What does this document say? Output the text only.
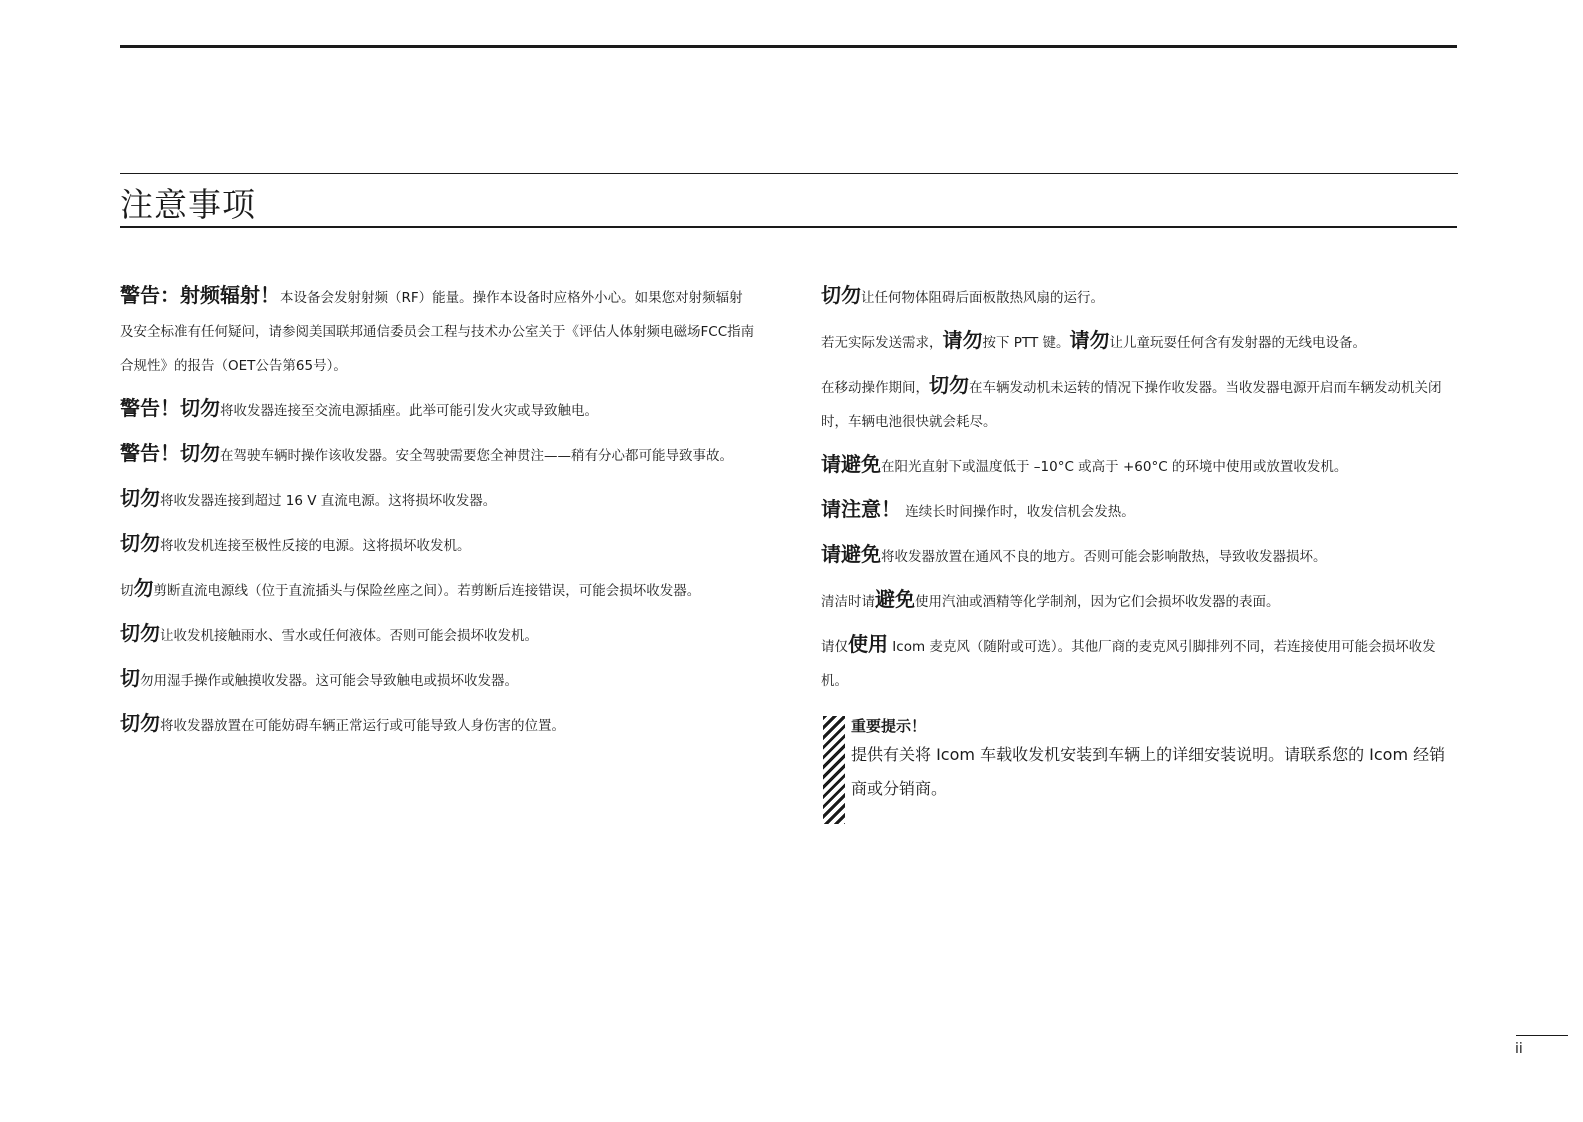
注意事项

警告：射频辐射！本设备会发射射频（RF）能量。操作本设备时应格外小心。如果您对射频辐射及安全标准有任何疑问，请参阅美国联邦通信委员会工程与技术办公室关于《评估人体射频电磁场FCC指南合规性》的报告（OET公告第65号）。

警告！切勿将收发器连接至交流电源插座。此举可能引发火灾或导致触电。

警告！切勿在驾驶车辆时操作该收发器。安全驾驶需要您全神贯注——稍有分心都可能导致事故。

切勿将收发器连接到超过 16 V 直流电源。这将损坏收发器。

切勿将收发机连接至极性反接的电源。这将损坏收发机。

切勿剪断直流电源线（位于直流插头与保险丝座之间）。若剪断后连接错误，可能会损坏收发器。

切勿让收发机接触雨水、雪水或任何液体。否则可能会损坏收发机。

切勿用湿手操作或触摸收发器。这可能会导致触电或损坏收发器。

切勿将收发器放置在可能妨碍车辆正常运行或可能导致人身伤害的位置。

切勿让任何物体阻碍后面板散热风扇的运行。

若无实际发送需求，请勿按下 PTT 键。请勿让儿童玩耍任何含有发射器的无线电设备。

在移动操作期间，切勿在车辆发动机未运转的情况下操作收发器。当收发器电源开启而车辆发动机关闭时，车辆电池很快就会耗尽。

请避免在阳光直射下或温度低于 –10°C 或高于 +60°C 的环境中使用或放置收发机。

请注意！ 连续长时间操作时，收发信机会发热。

请避免将收发器放置在通风不良的地方。否则可能会影响散热，导致收发器损坏。

清洁时请避免使用汽油或酒精等化学制剂，因为它们会损坏收发器的表面。

请仅使用 Icom 麦克风（随附或可选）。其他厂商的麦克风引脚排列不同，若连接使用可能会损坏收发机。

重要提示！

提供有关将 Icom 车载收发机安装到车辆上的详细安装说明。请联系您的 Icom 经销商或分销商。

ii
